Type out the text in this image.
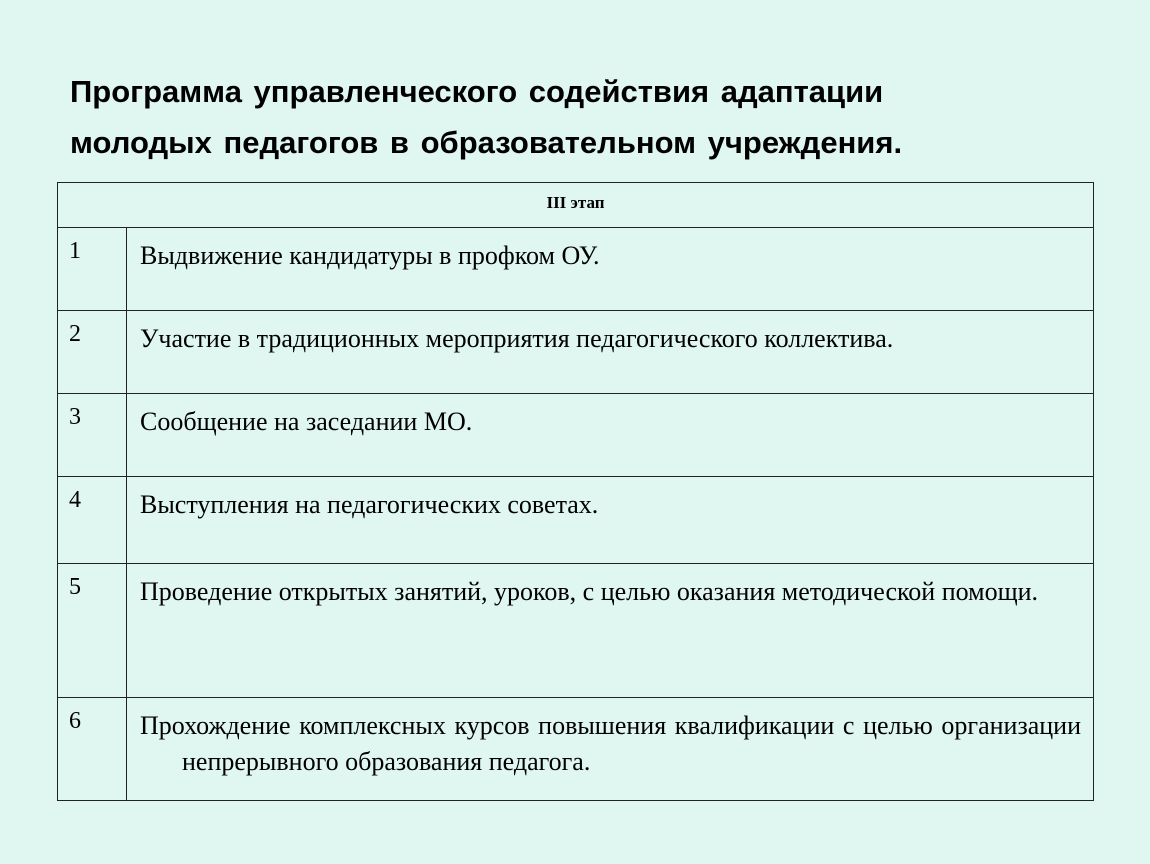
Программа управленческого содействия адаптации
молодых педагогов в образовательном учреждения.
III этап	
1	Выдвижение кандидатуры в профком ОУ.

2	Участие в традиционных мероприятия педагогического коллектива.

3	Сообщение на заседании МО.

4	Выступления на педагогических советах.

5	Проведение открытых занятий, уроков, с целью оказания методической помощи.

6	Прохождение комплексных курсов повышения квалификации с целью организации непрерывного образования педагога.
